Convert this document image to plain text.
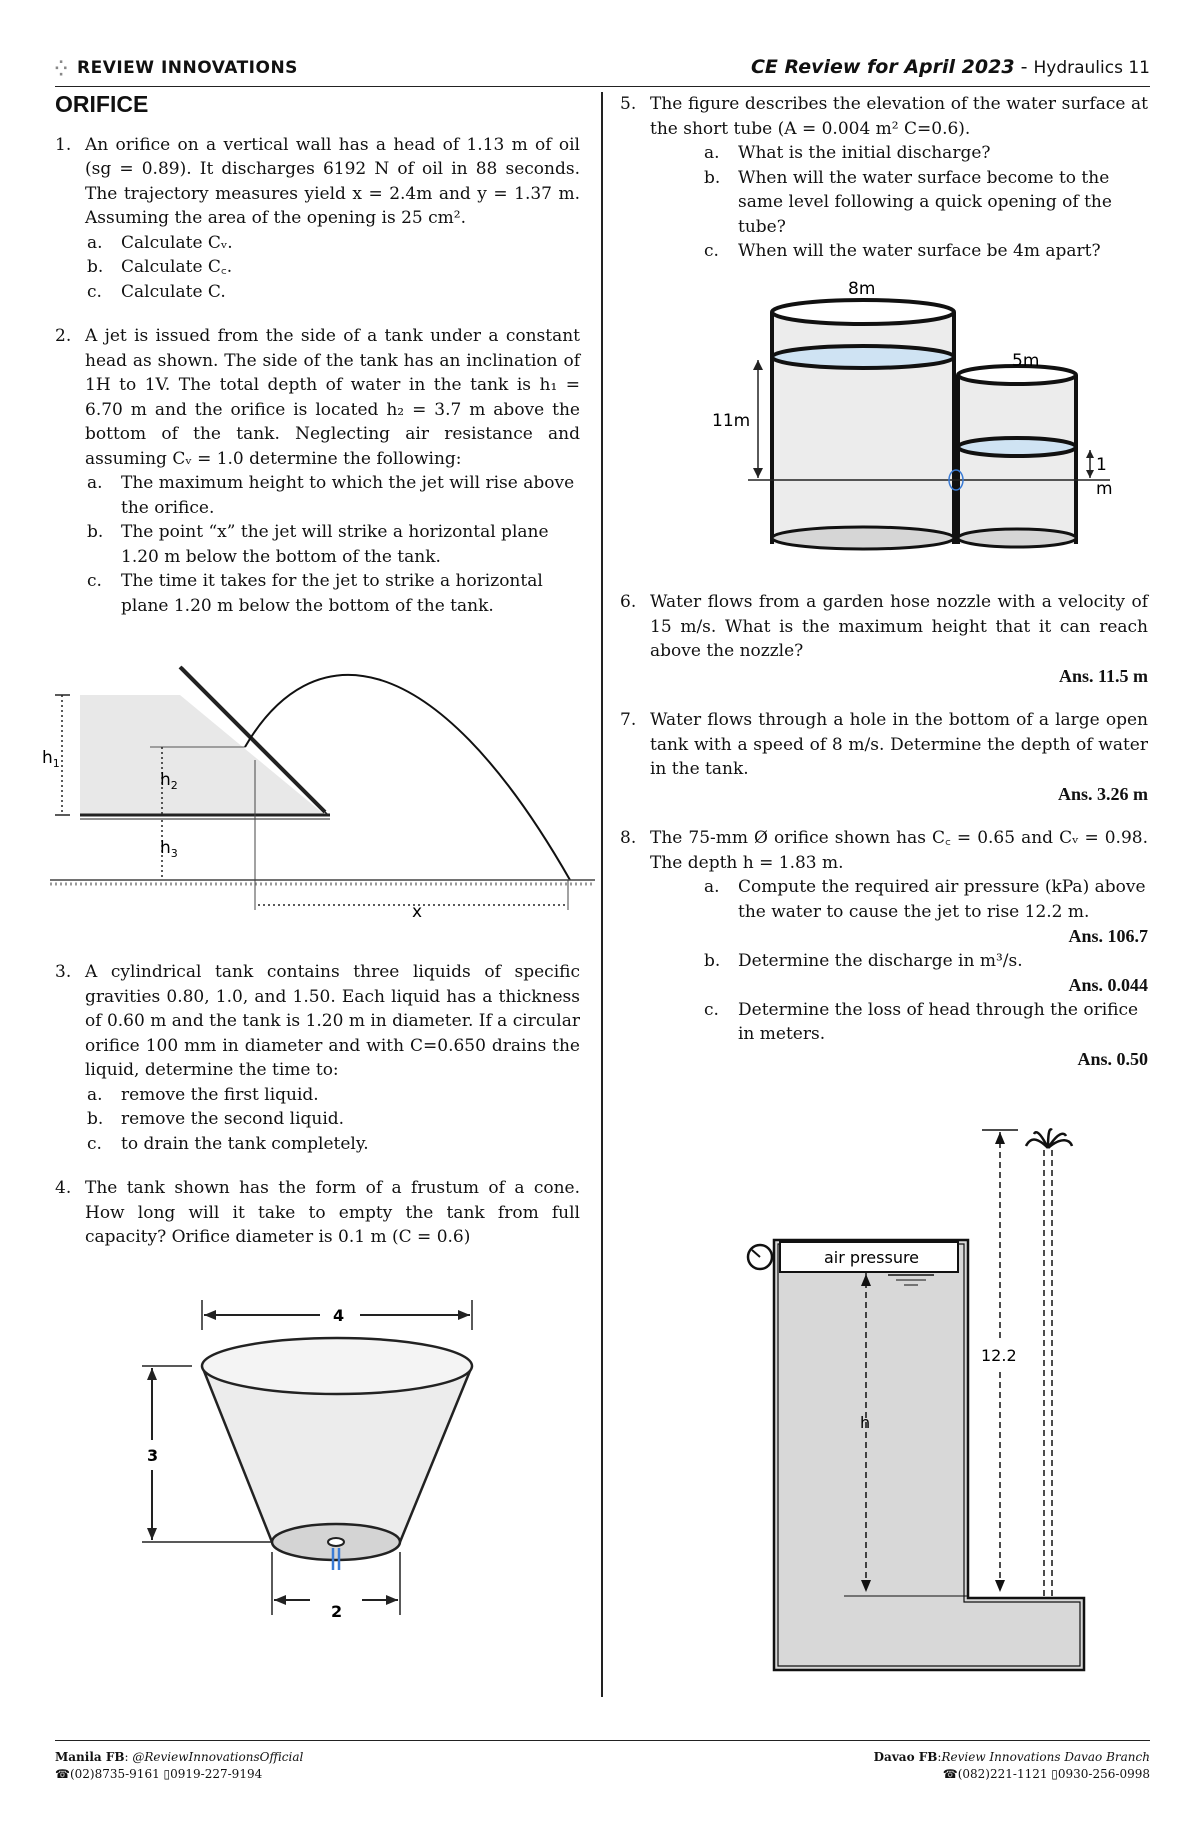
⁛ REVIEW INNOVATIONS	CE Review for April 2023 - Hydraulics 11
ORIFICE
1. An orifice on a vertical wall has a head of 1.13 m of oil (sg = 0.89). It discharges 6192 N of oil in 88 seconds. The trajectory measures yield x = 2.4m and y = 1.37 m. Assuming the area of the opening is 25 cm².
a. Calculate Cᵥ.
b. Calculate C꜀.
c. Calculate C.
2. A jet is issued from the side of a tank under a constant head as shown. The side of the tank has an inclination of 1H to 1V. The total depth of water in the tank is h₁ = 6.70 m and the orifice is located h₂ = 3.7 m above the bottom of the tank. Neglecting air resistance and assuming Cᵥ = 1.0 determine the following:
a. The maximum height to which the jet will rise above the orifice.
b. The point “x” the jet will strike a horizontal plane 1.20 m below the bottom of the tank.
c. The time it takes for the jet to strike a horizontal plane 1.20 m below the bottom of the tank.
$h_1$
$h_2$
$h_3$
x
3. A cylindrical tank contains three liquids of specific gravities 0.80, 1.0, and 1.50. Each liquid has a thickness of 0.60 m and the tank is 1.20 m in diameter. If a circular orifice 100 mm in diameter and with C=0.650 drains the liquid, determine the time to:
a. remove the first liquid.
b. remove the second liquid.
c. to drain the tank completely.
4. The tank shown has the form of a frustum of a cone. How long will it take to empty the tank from full capacity? Orifice diameter is 0.1 m (C = 0.6)
4
3
2
5. The figure describes the elevation of the water surface at the short tube (A = 0.004 m² C=0.6).
a. What is the initial discharge?
b. When will the water surface become to the same level following a quick opening of the tube?
c. When will the water surface be 4m apart?
8m
5m
11m
1
m
6. Water flows from a garden hose nozzle with a velocity of 15 m/s. What is the maximum height that it can reach above the nozzle?
Ans. 11.5 m
7. Water flows through a hole in the bottom of a large open tank with a speed of 8 m/s. Determine the depth of water in the tank.
Ans. 3.26 m
8. The 75-mm Ø orifice shown has C꜀ = 0.65 and Cᵥ = 0.98. The depth h = 1.83 m.
a. Compute the required air pressure (kPa) above the water to cause the jet to rise 12.2 m.
Ans. 106.7
b. Determine the discharge in m³/s.
Ans. 0.044
c. Determine the loss of head through the orifice in meters.
Ans. 0.50
air pressure
h
12.2
Manila FB: @ReviewInnovationsOfficial
☎(02)8735-9161 ▯0919-227-9194
Davao FB:Review Innovations Davao Branch
☎(082)221-1121 ▯0930-256-0998
